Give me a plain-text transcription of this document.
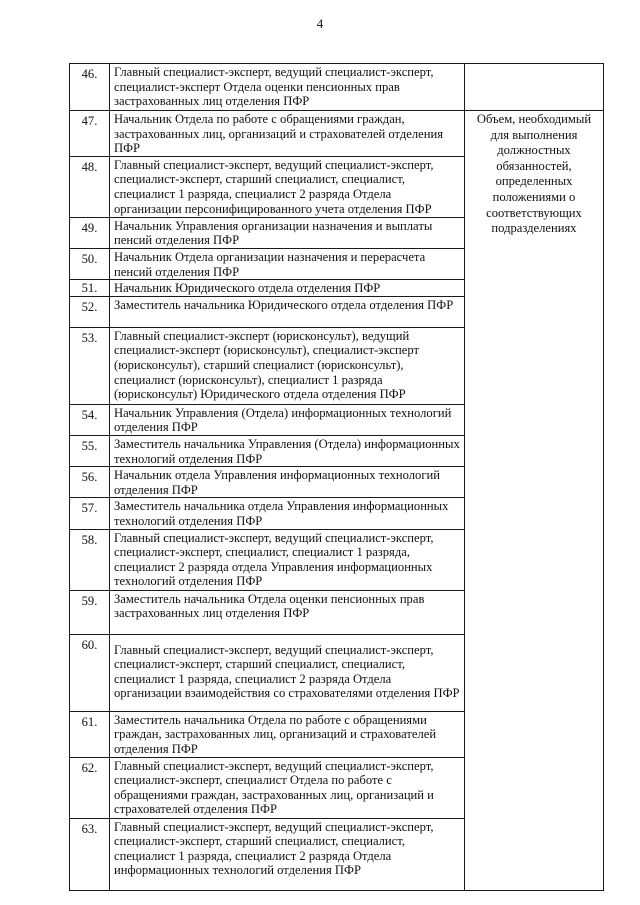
4
46.	Главный специалист-эксперт, ведущий специалист-эксперт, специалист-эксперт Отдела оценки пенсионных прав застрахованных лиц отделения ПФР	
47.	Начальник Отдела по работе с обращениями граждан, застрахованных лиц, организаций и страхователей отделения ПФР	Объем, необходимый для выполнения должностных обязанностей, определенных положениями о соответствующих подразделениях

48.	Главный специалист-эксперт, ведущий специалист-эксперт, специалист-эксперт, старший специалист, специалист, специалист 1 разряда, специалист 2 разряда Отдела организации персонифицированного учета отделения ПФР	
49.	Начальник Управления организации назначения и выплаты пенсий отделения ПФР	
50.	Начальник Отдела организации назначения и перерасчета пенсий отделения ПФР	
51.	Начальник Юридического отдела отделения ПФР	
52.	Заместитель начальника Юридического отдела отделения ПФР	
53.	Главный специалист-эксперт (юрисконсульт), ведущий специалист-эксперт (юрисконсульт), специалист-эксперт (юрисконсульт), старший специалист (юрисконсульт), специалист (юрисконсульт), специалист 1 разряда (юрисконсульт) Юридического отдела отделения ПФР	
54.	Начальник Управления (Отдела) информационных технологий отделения ПФР	
55.	Заместитель начальника Управления (Отдела) информационных технологий отделения ПФР	
56.	Начальник отдела Управления информационных технологий отделения ПФР	
57.	Заместитель начальника отдела Управления информационных технологий отделения ПФР	
58.	Главный специалист-эксперт, ведущий специалист-эксперт, специалист-эксперт, специалист, специалист 1 разряда, специалист 2 разряда отдела Управления информационных технологий отделения ПФР	
59.	Заместитель начальника Отдела оценки пенсионных прав застрахованных лиц отделения ПФР	
60.	Главный специалист-эксперт, ведущий специалист-эксперт, специалист-эксперт, старший специалист, специалист, специалист 1 разряда, специалист 2 разряда Отдела организации взаимодействия со страхователями отделения ПФР	
61.	Заместитель начальника Отдела по работе с обращениями граждан, застрахованных лиц, организаций и страхователей отделения ПФР	
62.	Главный специалист-эксперт, ведущий специалист-эксперт, специалист-эксперт, специалист Отдела по работе с обращениями граждан, застрахованных лиц, организаций и страхователей отделения ПФР	
63.	Главный специалист-эксперт, ведущий специалист-эксперт, специалист-эксперт, старший специалист, специалист, специалист 1 разряда, специалист 2 разряда Отдела информационных технологий отделения ПФР	
